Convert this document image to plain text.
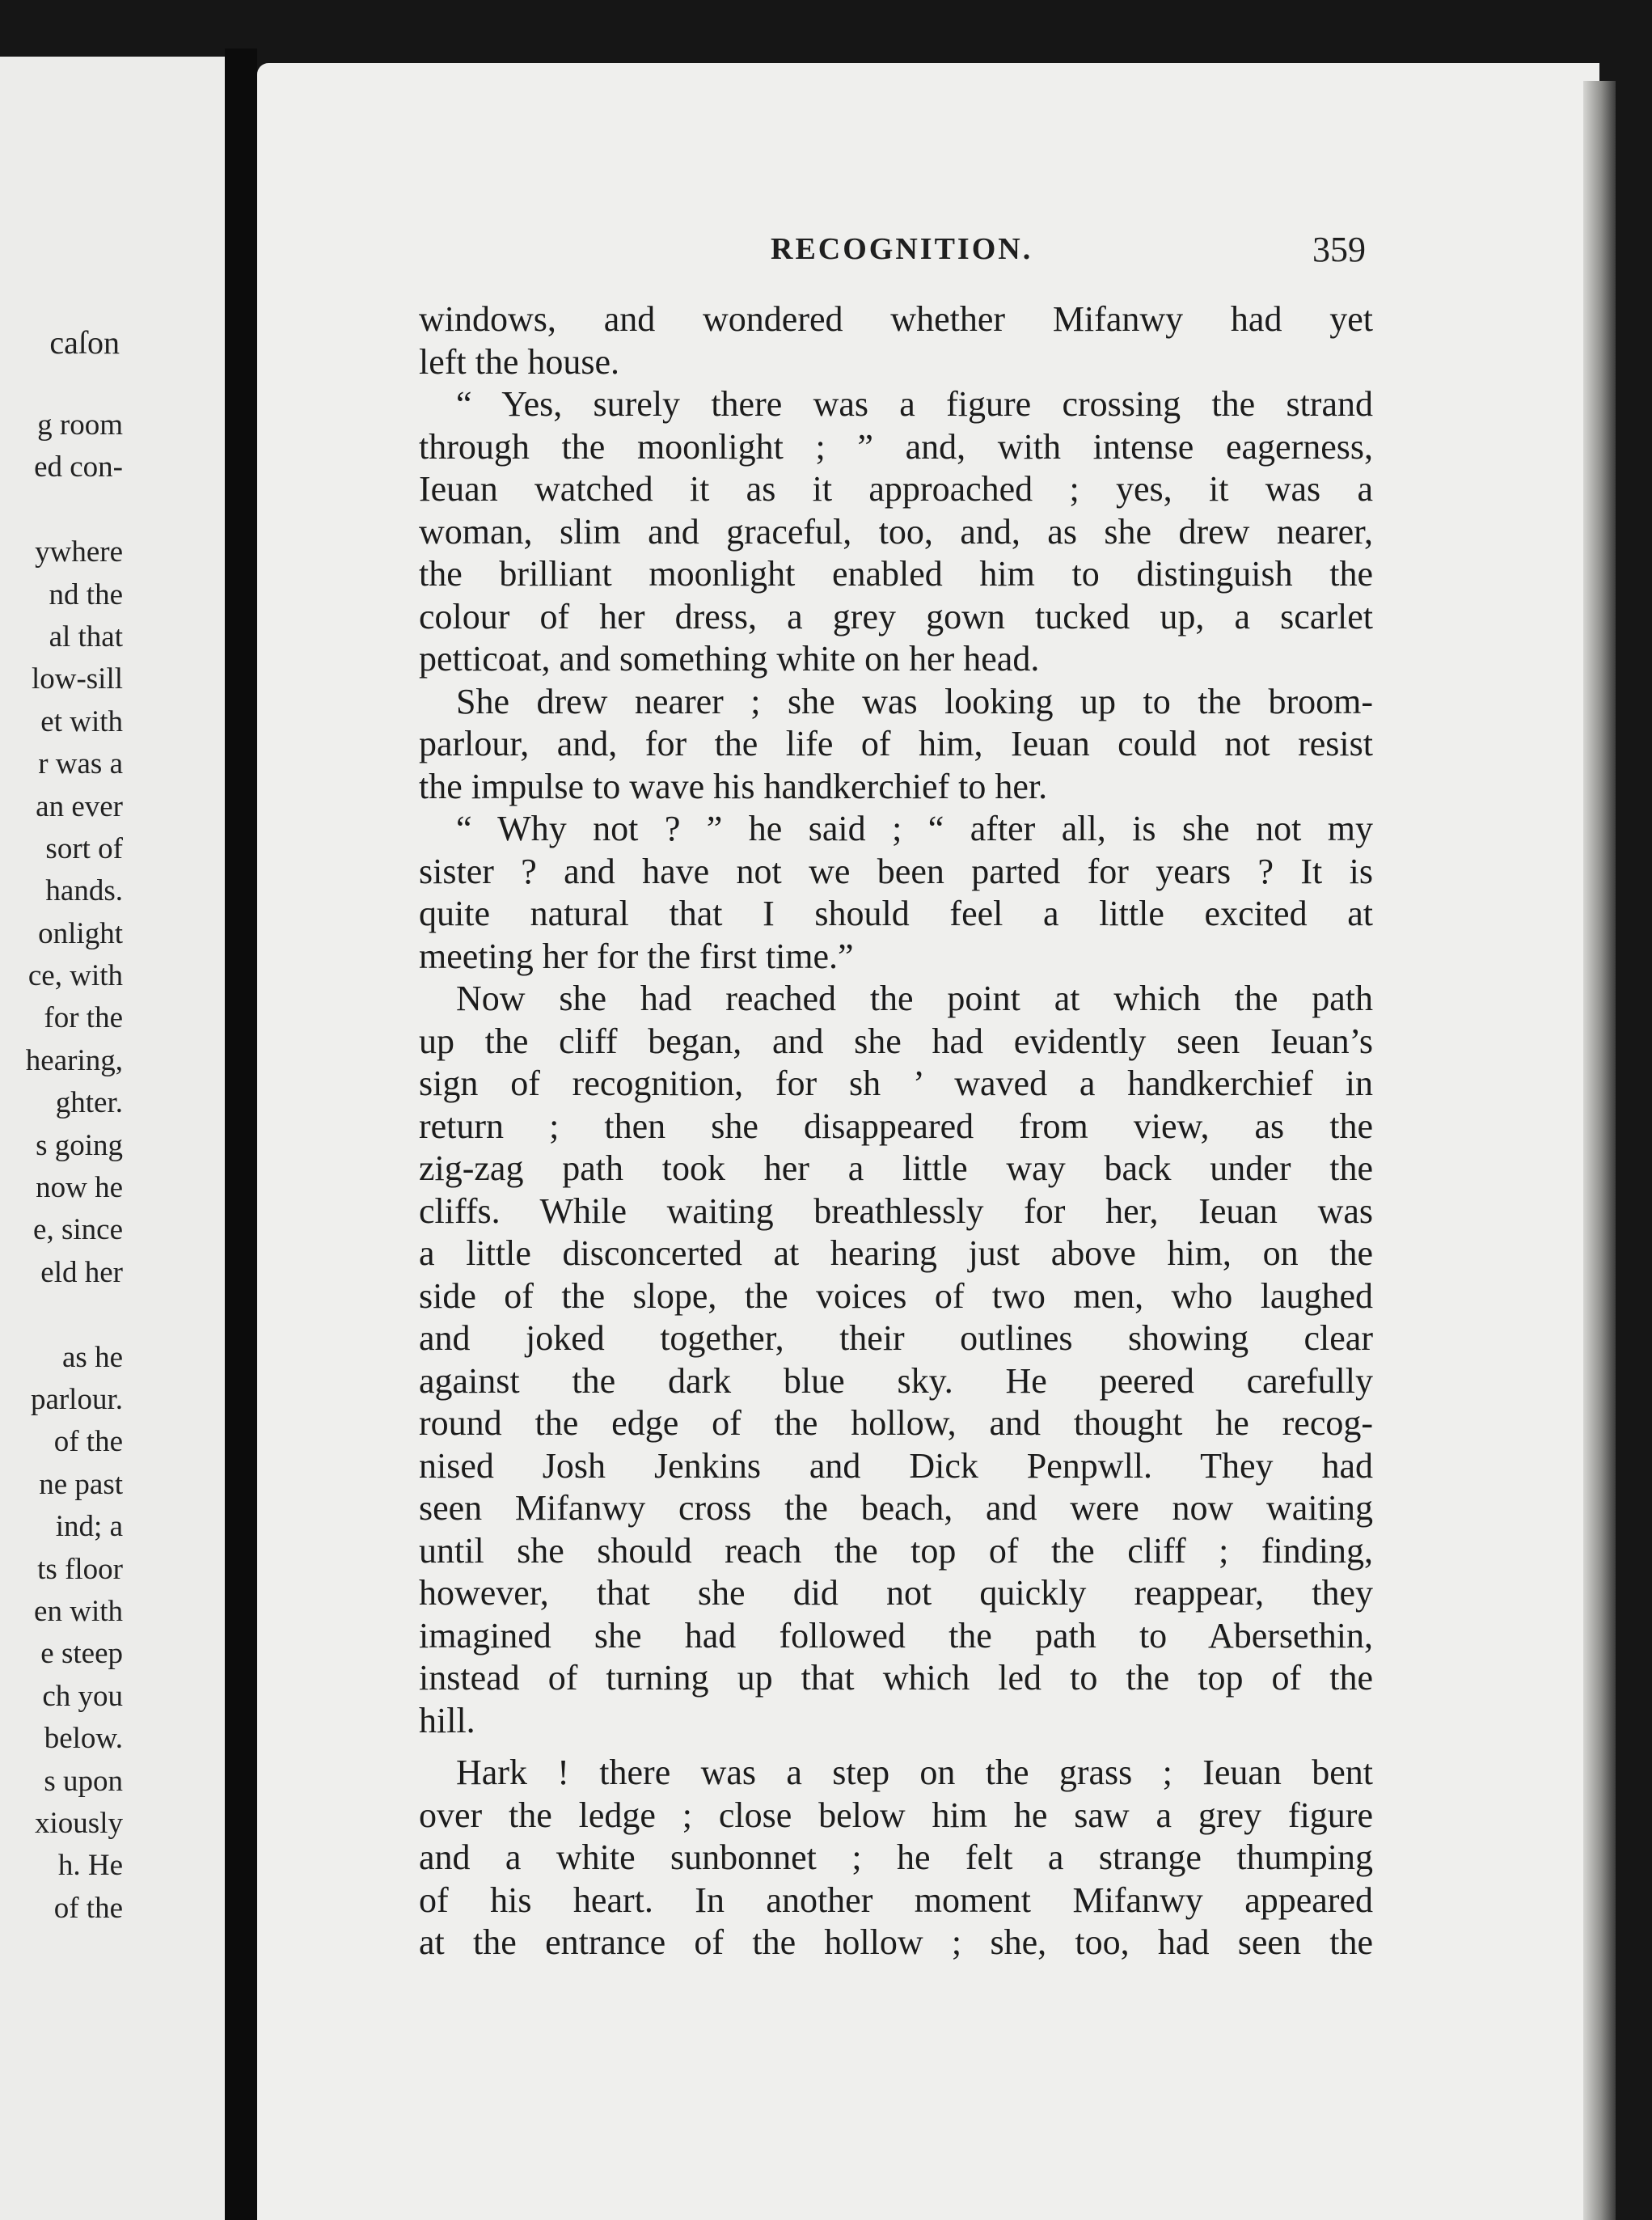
g room
ed con-
ywhere
nd the
al that
low-sill
et with
r was a
an ever
sort of
hands.
onlight
ce, with
for the
hearing,
ghter.
s going
now he
e, since
eld her
as he
parlour.
of the
ne past
ind; a
ts floor
en with
e steep
ch you
below.
s upon
xiously
h. He
of the
caſon
RECOGNITION.	359
windows, and wondered whether Mifanwy had yet
left the house.
“ Yes, surely there was a figure crossing the strand
through the moonlight ; ” and, with intense eagerness,
Ieuan watched it as it approached ; yes, it was a
woman, slim and graceful, too, and, as she drew nearer,
the brilliant moonlight enabled him to distinguish the
colour of her dress, a grey gown tucked up, a scarlet
petticoat, and something white on her head.
She drew nearer ; she was looking up to the broom-
parlour, and, for the life of him, Ieuan could not resist
the impulse to wave his handkerchief to her.
“ Why not ? ” he said ; “ after all, is she not my
sister ? and have not we been parted for years ? It is
quite natural that I should feel a little excited at
meeting her for the first time.”
Now she had reached the point at which the path
up the cliff began, and she had evidently seen Ieuan’s
sign of recognition, for sh ’ waved a handkerchief in
return ; then she disappeared from view, as the
zig-zag path took her a little way back under the
cliffs. While waiting breathlessly for her, Ieuan was
a little disconcerted at hearing just above him, on the
side of the slope, the voices of two men, who laughed
and joked together, their outlines showing clear
against the dark blue sky. He peered carefully
round the edge of the hollow, and thought he recog-
nised Josh Jenkins and Dick Penpwll. They had
seen Mifanwy cross the beach, and were now waiting
until she should reach the top of the cliff ; finding,
however, that she did not quickly reappear, they
imagined she had followed the path to Abersethin,
instead of turning up that which led to the top of the
hill.
Hark ! there was a step on the grass ; Ieuan bent
over the ledge ; close below him he saw a grey figure
and a white sunbonnet ; he felt a strange thumping
of his heart. In another moment Mifanwy appeared
at the entrance of the hollow ; she, too, had seen the
